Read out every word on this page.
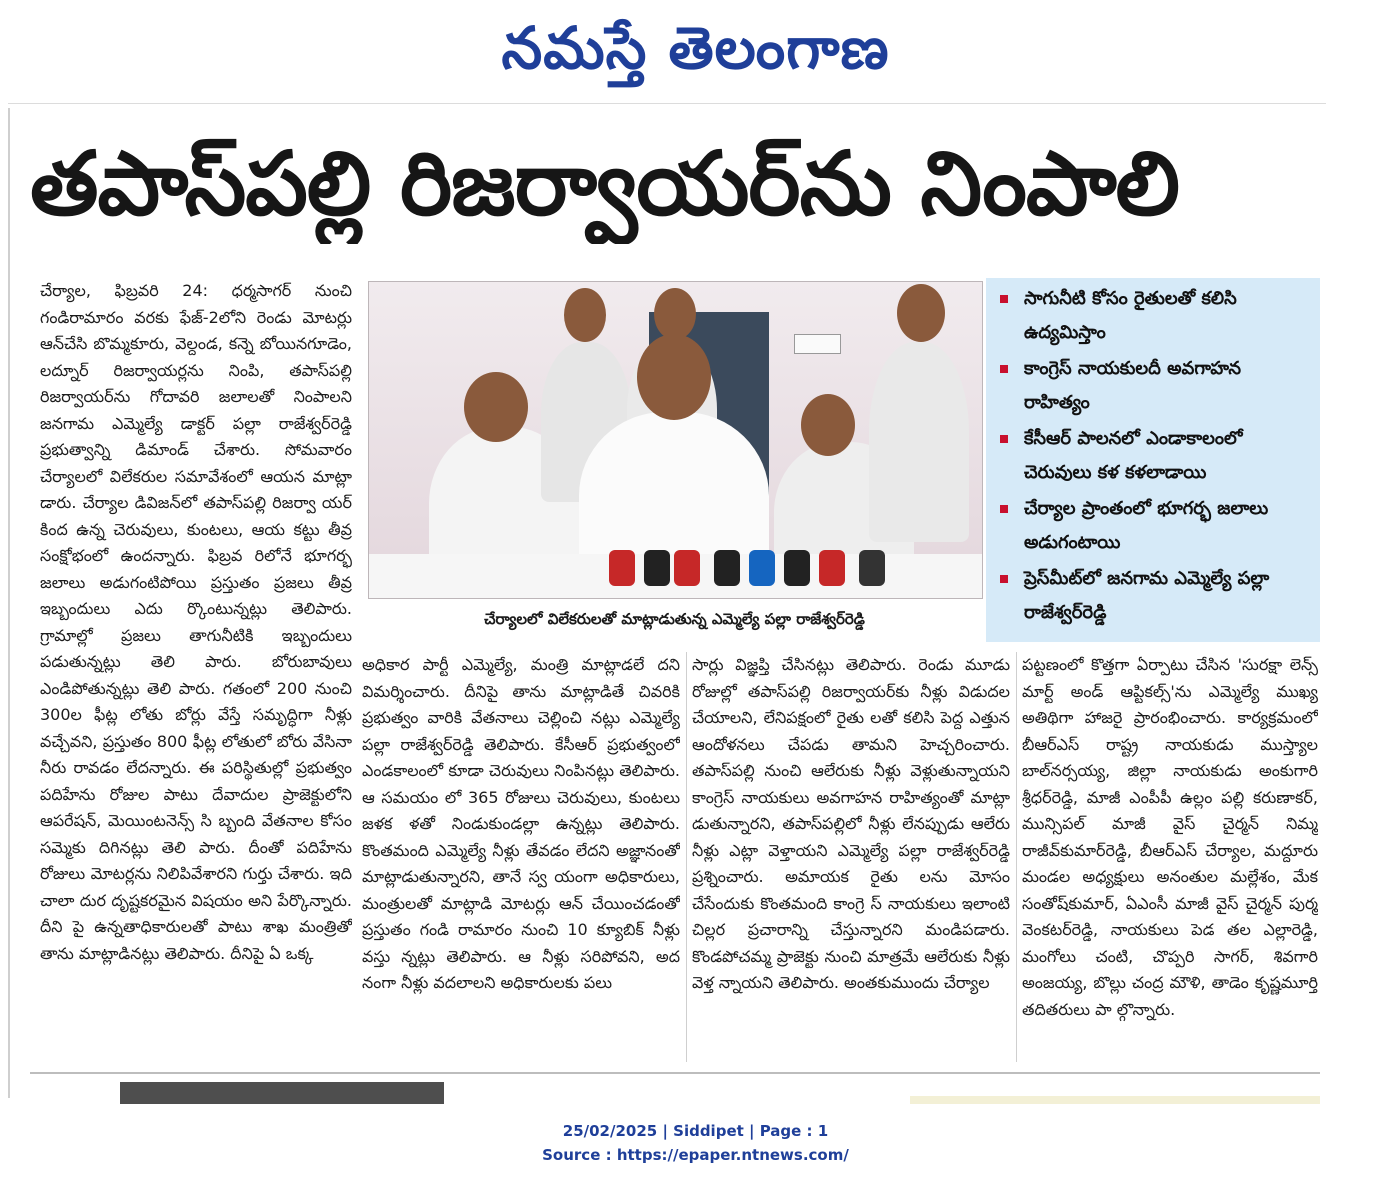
నమస్తే తెలంగాణ
తపాస్‌పల్లి రిజర్వాయర్‌ను నింపాలి
చేర్యాల, ఫిబ్రవరి 24: ధర్మసాగర్ నుంచి గండిరామారం వరకు ఫేజ్-2లోని రెండు మోటర్లు ఆన్‌చేసి బొమ్మకూరు, వెల్దండ, కన్నె బోయినగూడెం, లద్నూర్ రిజర్వాయర్లను నింపి, తపాస్‌పల్లి రిజర్వాయర్‌ను గోదావరి జలాలతో నింపాలని జనగామ ఎమ్మెల్యే డాక్టర్ పల్లా రాజేశ్వర్‌రెడ్డి ప్రభుత్వాన్ని డిమాండ్ చేశారు. సోమవారం చేర్యాలలో విలేకరుల సమావేశంలో ఆయన మాట్లా డారు. చేర్యాల డివిజన్‌లో తపాస్‌పల్లి రిజర్వా యర్ కింద ఉన్న చెరువులు, కుంటలు, ఆయ కట్టు తీవ్ర సంక్షోభంలో ఉందన్నారు. ఫిబ్రవ రిలోనే భూగర్భ జలాలు అడుగంటిపోయి ప్రస్తుతం ప్రజలు తీవ్ర ఇబ్బందులు ఎదు ర్కొంటున్నట్లు తెలిపారు. గ్రామాల్లో ప్రజలు తాగునీటికి ఇబ్బందులు పడుతున్నట్లు తెలి పారు. బోరుబావులు ఎండిపోతున్నట్లు తెలి పారు. గతంలో 200 నుంచి 300ల ఫీట్ల లోతు బోర్లు వేస్తే సమృద్ధిగా నీళ్లు వచ్చేవని, ప్రస్తుతం 800 ఫీట్ల లోతులో బోరు వేసినా నీరు రావడం లేదన్నారు. ఈ పరిస్థితుల్లో ప్రభుత్వం పదిహేను రోజుల పాటు దేవాదుల ప్రాజెక్టులోని ఆపరేషన్, మెయింటనెన్స్ సి బ్బంది వేతనాల కోసం సమ్మెకు దిగినట్లు తెలి పారు. దీంతో పదిహేను రోజులు మోటర్లను నిలిపివేశారని గుర్తు చేశారు. ఇది చాలా దుర దృష్టకరమైన విషయం అని పేర్కొన్నారు. దీని పై ఉన్నతాధికారులతో పాటు శాఖ మంత్రితో తాను మాట్లాడినట్లు తెలిపారు. దీనిపై ఏ ఒక్క
చేర్యాలలో విలేకరులతో మాట్లాడుతున్న ఎమ్మెల్యే పల్లా రాజేశ్వర్‌రెడ్డి
సాగునీటి కోసం రైతులతో కలిసి
ఉద్యమిస్తాం
కాంగ్రెస్ నాయకులదీ అవగాహన
రాహిత్యం
కేసీఆర్ పాలనలో ఎండాకాలంలో
చెరువులు కళ కళలాడాయి
చేర్యాల ప్రాంతంలో భూగర్భ జలాలు
అడుగంటాయి
ప్రెస్‌మీట్‌లో జనగామ ఎమ్మెల్యే పల్లా
రాజేశ్వర్‌రెడ్డి
అధికార పార్టీ ఎమ్మెల్యే, మంత్రి మాట్లాడలే దని విమర్శించారు. దీనిపై తాను మాట్లాడితే చివరికి ప్రభుత్వం వారికి వేతనాలు చెల్లించి నట్లు ఎమ్మెల్యే పల్లా రాజేశ్వర్‌రెడ్డి తెలిపారు. కేసీఆర్ ప్రభుత్వంలో ఎండకాలంలో కూడా చెరువులు నింపినట్లు తెలిపారు. ఆ సమయం లో 365 రోజులు చెరువులు, కుంటలు జళక ళతో నిండుకుండల్లా ఉన్నట్లు తెలిపారు. కొంతమంది ఎమ్మెల్యే నీళ్లు తేవడం లేదని అజ్ఞానంతో మాట్లాడుతున్నారని, తానే స్వ యంగా అధికారులు, మంత్రులతో మాట్లాడి మోటర్లు ఆన్ చేయించడంతో ప్రస్తుతం గండి రామారం నుంచి 10 క్యూబిక్ నీళ్లు వస్తు న్నట్లు తెలిపారు. ఆ నీళ్లు సరిపోవని, అద నంగా నీళ్లు వదలాలని అధికారులకు పలు
సార్లు విజ్ఞప్తి చేసినట్లు తెలిపారు. రెండు మూడు రోజుల్లో తపాస్‌పల్లి రిజర్వాయర్‌కు నీళ్లు విడుదల చేయాలని, లేనిపక్షంలో రైతు లతో కలిసి పెద్ద ఎత్తున ఆందోళనలు చేపడు తామని హెచ్చరించారు. తపాస్‌పల్లి నుంచి ఆలేరుకు నీళ్లు వెళ్లుతున్నాయని కాంగ్రెస్ నాయకులు అవగాహన రాహిత్యంతో మాట్లా డుతున్నారని, తపాస్‌పల్లిలో నీళ్లు లేనప్పుడు ఆలేరు నీళ్లు ఎట్లా వెళ్తాయని ఎమ్మెల్యే పల్లా రాజేశ్వర్‌రెడ్డి ప్రశ్నించారు. అమాయక రైతు లను మోసం చేసేందుకు కొంతమంది కాంగ్రె స్ నాయకులు ఇలాంటి చిల్లర ప్రచారాన్ని చేస్తున్నారని మండిపడారు. కొండపోచమ్మ ప్రాజెక్టు నుంచి మాత్రమే ఆలేరుకు నీళ్లు వెళ్త న్నాయని తెలిపారు. అంతకుముందు చేర్యాల
పట్టణంలో కొత్తగా ఏర్పాటు చేసిన 'సురక్షా లెన్స్ మార్ట్ అండ్ ఆప్టికల్స్'ను ఎమ్మెల్యే ముఖ్య అతిథిగా హాజరై ప్రారంభించారు. కార్యక్రమంలో బీఆర్‌ఎస్ రాష్ట్ర నాయకుడు ముస్త్యాల బాల్‌నర్సయ్య, జిల్లా నాయకుడు అంకుగారి శ్రీధర్‌రెడ్డి, మాజీ ఎంపీపీ ఉల్లం పల్లి కరుణాకర్, మున్సిపల్ మాజీ వైస్ చైర్మన్ నిమ్మ రాజీవ్‌కుమార్‌రెడ్డి, బీఆర్‌ఎస్ చేర్యాల, మద్దూరు మండల అధ్యక్షులు అనంతుల మల్లేశం, మేక సంతోష్‌కుమార్, ఏఎంసీ మాజీ వైస్ చైర్మన్ పుర్మ వెంకటర్‌రెడ్డి, నాయకులు పెడ తల ఎల్లారెడ్డి, మంగోలు చంటి, చొప్పరి సాగర్, శివగారి అంజయ్య, బొల్లు చంద్ర మౌళి, తాడెం కృష్ణమూర్తి తదితరులు పా ల్గొన్నారు.
25/02/2025 | Siddipet | Page : 1
Source : https://epaper.ntnews.com/
